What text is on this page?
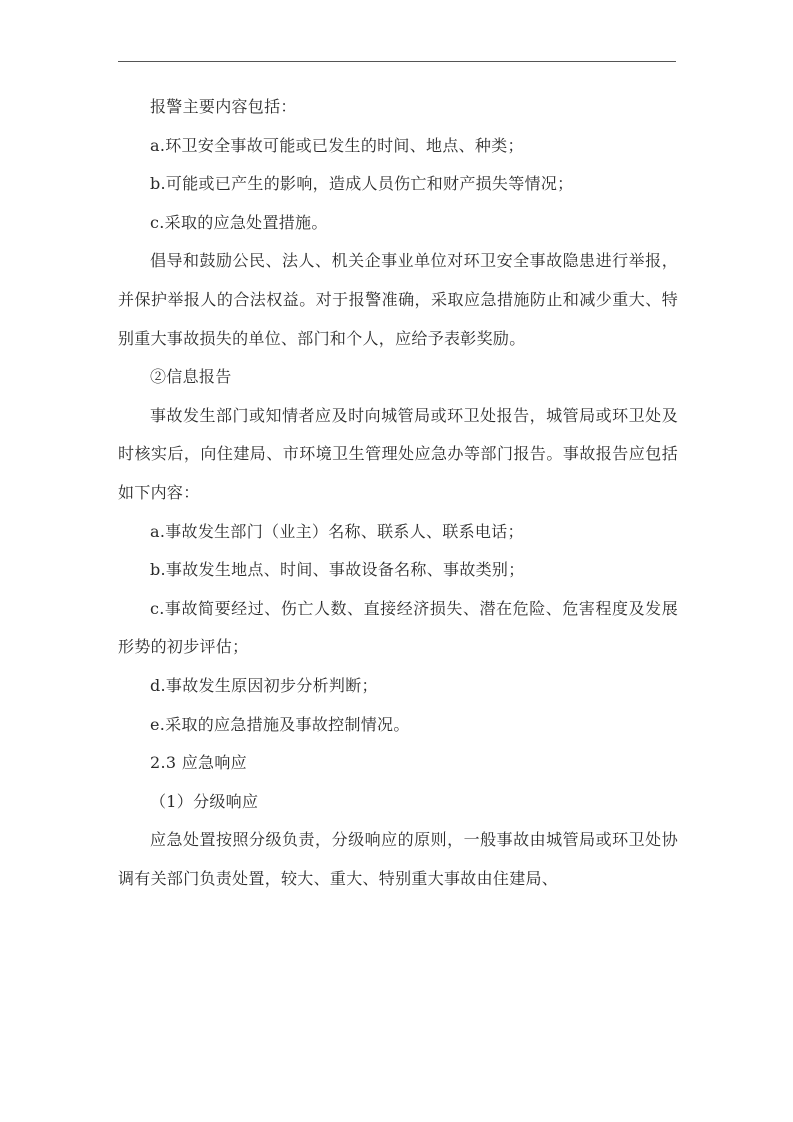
报警主要内容包括：

a.环卫安全事故可能或已发生的时间、地点、种类；

b.可能或已产生的影响，造成人员伤亡和财产损失等情况；

c.采取的应急处置措施。

倡导和鼓励公民、法人、机关企事业单位对环卫安全事故隐患进行举报，并保护举报人的合法权益。对于报警准确，采取应急措施防止和减少重大、特别重大事故损失的单位、部门和个人，应给予表彰奖励。

②信息报告

事故发生部门或知情者应及时向城管局或环卫处报告，城管局或环卫处及时核实后，向住建局、市环境卫生管理处应急办等部门报告。事故报告应包括如下内容：

a.事故发生部门（业主）名称、联系人、联系电话；

b.事故发生地点、时间、事故设备名称、事故类别；

c.事故简要经过、伤亡人数、直接经济损失、潜在危险、危害程度及发展形势的初步评估；

d.事故发生原因初步分析判断；

e.采取的应急措施及事故控制情况。

2.3 应急响应

（1）分级响应

应急处置按照分级负责，分级响应的原则，一般事故由城管局或环卫处协调有关部门负责处置，较大、重大、特别重大事故由住建局、
